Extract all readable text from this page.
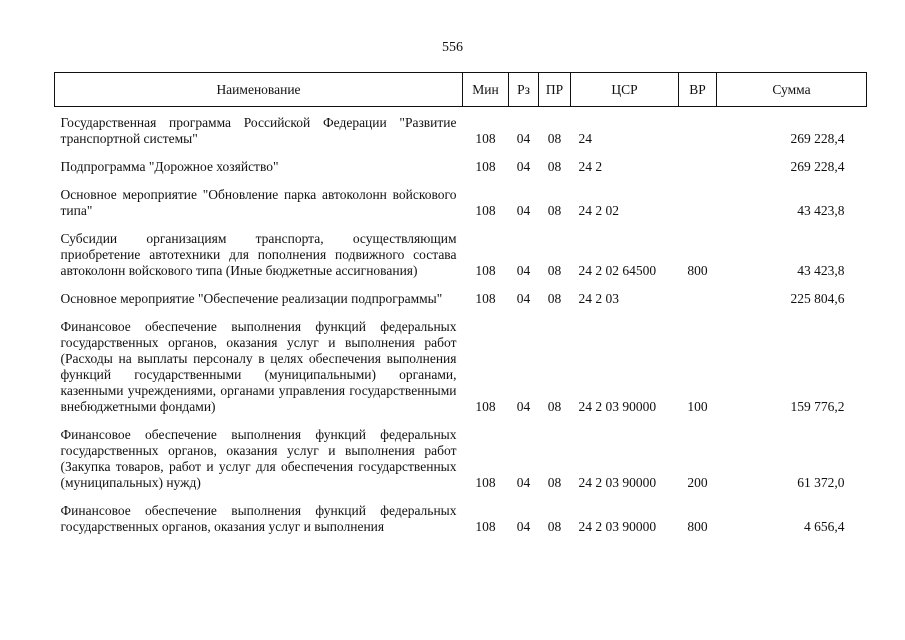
556
Наименование	Мин	Рз	ПР	ЦСР	ВР	Сумма
Государственная программа Российской Федерации "Развитие транспортной системы"	108	04	08	24		269 228,4
Подпрограмма "Дорожное хозяйство"	108	04	08	24 2		269 228,4
Основное мероприятие "Обновление парка автоколонн войскового типа"	108	04	08	24 2 02		43 423,8
Субсидии организациям транспорта, осуществляющим приобретение автотехники для пополнения подвижного состава автоколонн войскового типа (Иные бюджетные ассигнования)	108	04	08	24 2 02 64500	800	43 423,8
Основное мероприятие "Обеспечение реализации подпрограммы"	108	04	08	24 2 03		225 804,6
Финансовое обеспечение выполнения функций федеральных государственных органов, оказания услуг и выполнения работ (Расходы на выплаты персоналу в целях обеспечения выполнения функций государственными (муниципальными) органами, казенными учреждениями, органами управления государственными внебюджетными фондами)	108	04	08	24 2 03 90000	100	159 776,2
Финансовое обеспечение выполнения функций федеральных государственных органов, оказания услуг и выполнения работ (Закупка товаров, работ и услуг для обеспечения государственных (муниципальных) нужд)	108	04	08	24 2 03 90000	200	61 372,0
Финансовое обеспечение выполнения функций федеральных государственных органов, оказания услуг и выполнения	108	04	08	24 2 03 90000	800	4 656,4
